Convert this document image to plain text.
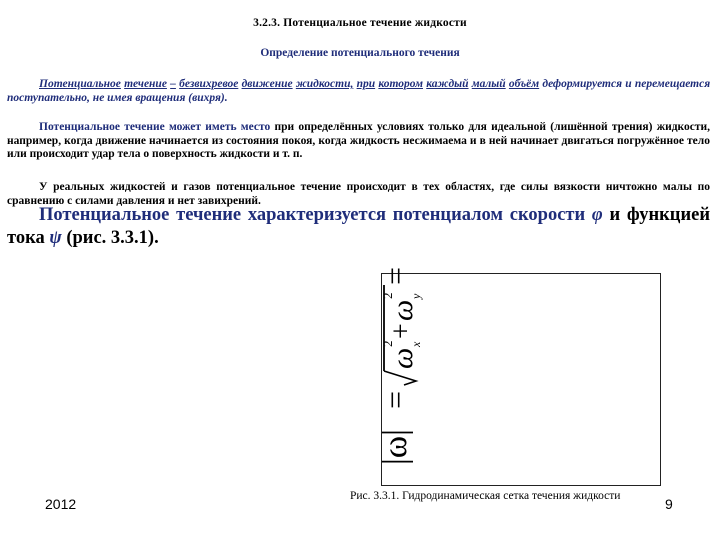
3.2.3. Потенциальное течение жидкости
Определение потенциального течения
Потенциальное течение – безвихревое движение жидкости, при котором каждый малый объём деформируется и перемещается поступательно, не имея вращения (вихря).
Потенциальное течение может иметь место при определённых условиях только для идеальной (лишённой трения) жидкости, например, когда движение начинается из состояния покоя, когда жидкость несжимаема и в ней начинает двигаться погружённое тело или происходит удар тела о поверхность жидкости и т. п.
У реальных жидкостей и газов потенциальное течение происходит в тех областях, где силы вязкости ничтожно малы по сравнению с силами давления и нет завихрений.
Потенциальное течение характеризуется потенциалом скорости φ и функцией тока ψ (рис. 3.3.1).
|ω|
=
ω
2 x
+
ω
2 y
=
Рис. 3.3.1. Гидродинамическая сетка течения жидкости
2012	9
